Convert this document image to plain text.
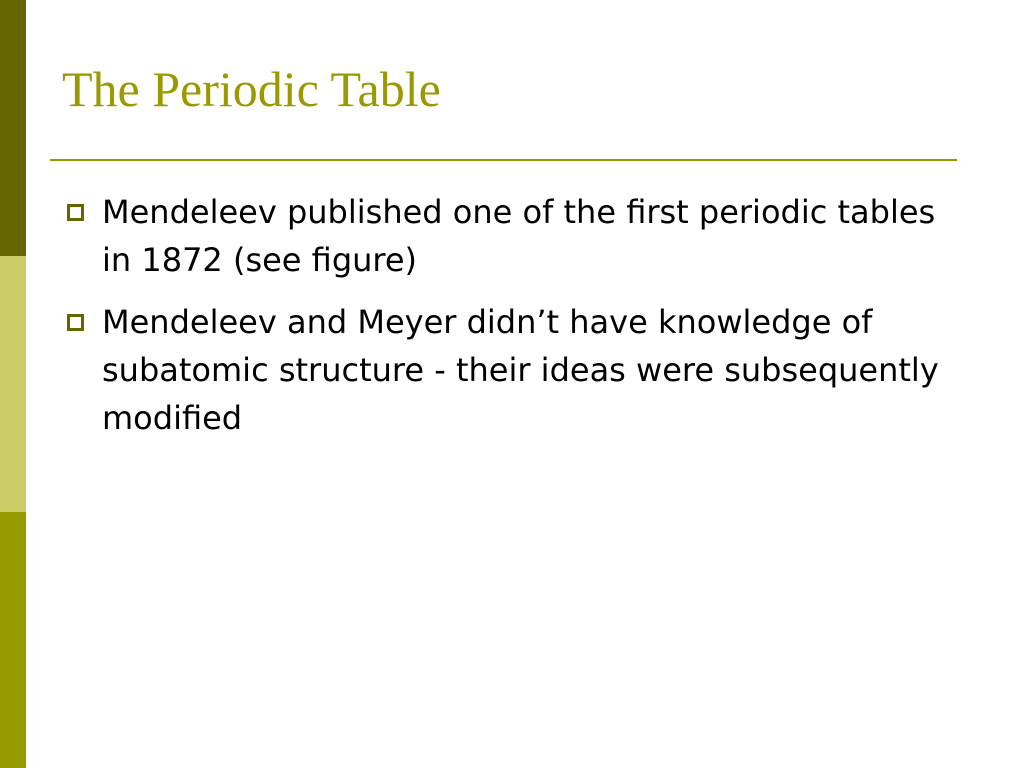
The Periodic Table
Mendeleev published one of the first periodic tables in 1872 (see figure)
Mendeleev and Meyer didn’t have knowledge of subatomic structure - their ideas were subsequently modified
